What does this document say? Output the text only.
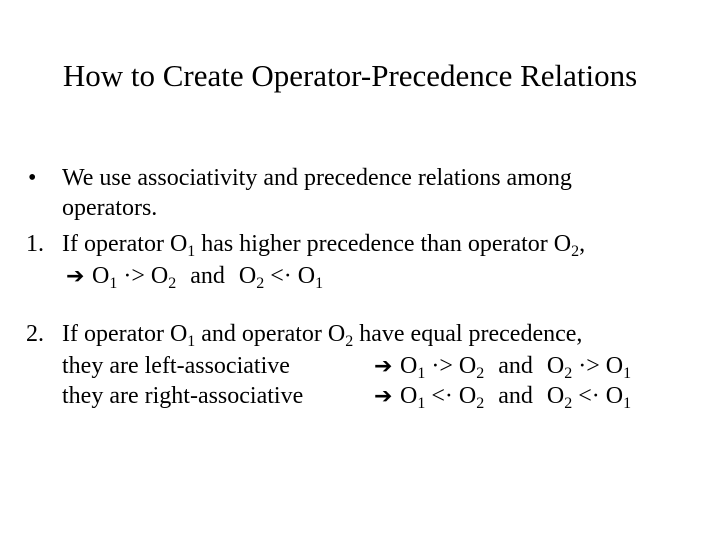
How to Create Operator-Precedence Relations
• We use associativity and precedence relations among
operators.
1. If operator $O_1$ has higher precedence than operator $O_2$,
➔ $O_1 \cdot> O_2$ and $O_2 <\cdot O_1$
2. If operator $O_1$ and operator $O_2$ have equal precedence,
they are left-associative	➔ $O_1 \cdot> O_2$ and $O_2 \cdot> O_1$
they are right-associative	➔ $O_1 <\cdot O_2$ and $O_2 <\cdot O_1$
